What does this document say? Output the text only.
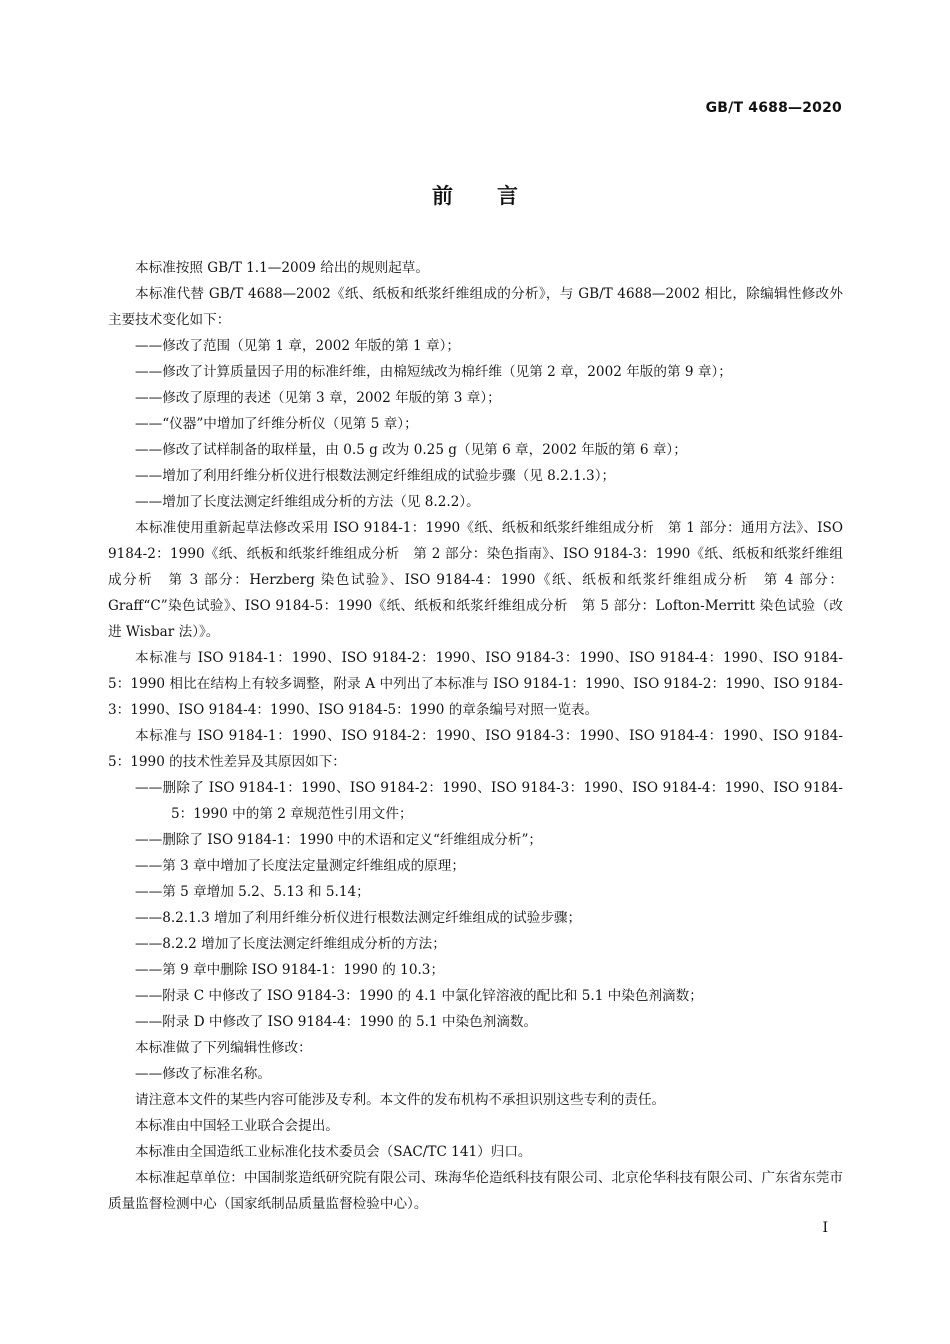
GB/T 4688—2020
前言

本标准按照 GB/T 1.1—2009 给出的规则起草。

本标准代替 GB/T 4688—2002《纸、纸板和纸浆纤维组成的分析》，与 GB/T 4688—2002 相比，除编辑性修改外主要技术变化如下：

——修改了范围（见第 1 章，2002 年版的第 1 章）；

——修改了计算质量因子用的标准纤维，由棉短绒改为棉纤维（见第 2 章，2002 年版的第 9 章）；

——修改了原理的表述（见第 3 章，2002 年版的第 3 章）；

——“仪器”中增加了纤维分析仪（见第 5 章）；

——修改了试样制备的取样量，由 0.5 g 改为 0.25 g（见第 6 章，2002 年版的第 6 章）；

——增加了利用纤维分析仪进行根数法测定纤维组成的试验步骤（见 8.2.1.3）；

——增加了长度法测定纤维组成分析的方法（见 8.2.2）。

本标准使用重新起草法修改采用 ISO 9184-1：1990《纸、纸板和纸浆纤维组成分析　第 1 部分：通用方法》、ISO 9184-2：1990《纸、纸板和纸浆纤维组成分析　第 2 部分：染色指南》、ISO 9184-3：1990《纸、纸板和纸浆纤维组成分析　第 3 部分：Herzberg 染色试验》、ISO 9184-4：1990《纸、纸板和纸浆纤维组成分析　第 4 部分：Graff“C”染色试验》、ISO 9184-5：1990《纸、纸板和纸浆纤维组成分析　第 5 部分：Lofton-Merritt 染色试验（改进 Wisbar 法）》。

本标准与 ISO 9184-1：1990、ISO 9184-2：1990、ISO 9184-3：1990、ISO 9184-4：1990、ISO 9184-5：1990 相比在结构上有较多调整，附录 A 中列出了本标准与 ISO 9184-1：1990、ISO 9184-2：1990、ISO 9184-3：1990、ISO 9184-4：1990、ISO 9184-5：1990 的章条编号对照一览表。

本标准与 ISO 9184-1：1990、ISO 9184-2：1990、ISO 9184-3：1990、ISO 9184-4：1990、ISO 9184-5：1990 的技术性差异及其原因如下：

——删除了 ISO 9184-1：1990、ISO 9184-2：1990、ISO 9184-3：1990、ISO 9184-4：1990、ISO 9184-5：1990 中的第 2 章规范性引用文件；

——删除了 ISO 9184-1：1990 中的术语和定义“纤维组成分析”；

——第 3 章中增加了长度法定量测定纤维组成的原理；

——第 5 章增加 5.2、5.13 和 5.14；

——8.2.1.3 增加了利用纤维分析仪进行根数法测定纤维组成的试验步骤；

——8.2.2 增加了长度法测定纤维组成分析的方法；

——第 9 章中删除 ISO 9184-1：1990 的 10.3；

——附录 C 中修改了 ISO 9184-3：1990 的 4.1 中氯化锌溶液的配比和 5.1 中染色剂滴数；

——附录 D 中修改了 ISO 9184-4：1990 的 5.1 中染色剂滴数。

本标准做了下列编辑性修改：

——修改了标准名称。

请注意本文件的某些内容可能涉及专利。本文件的发布机构不承担识别这些专利的责任。

本标准由中国轻工业联合会提出。

本标准由全国造纸工业标准化技术委员会（SAC/TC 141）归口。

本标准起草单位：中国制浆造纸研究院有限公司、珠海华伦造纸科技有限公司、北京伦华科技有限公司、广东省东莞市质量监督检测中心（国家纸制品质量监督检验中心）。

I
